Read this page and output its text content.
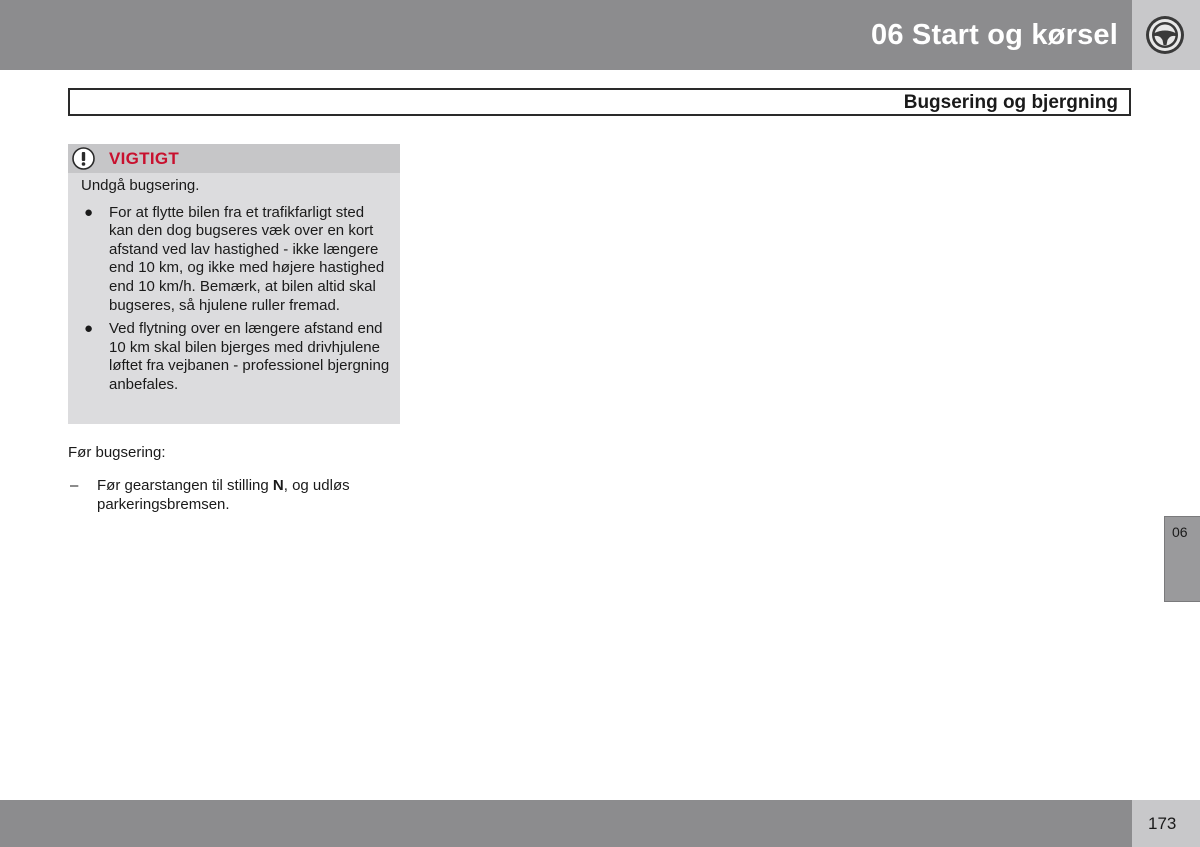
06 Start og kørsel
Bugsering og bjergning
VIGTIGT

Undgå bugsering.

● For at flytte bilen fra et trafikfarligt sted kan den dog bugseres væk over en kort afstand ved lav hastighed - ikke længere end 10 km, og ikke med højere hastighed end 10 km/h. Bemærk, at bilen altid skal bugseres, så hjulene ruller fremad.
● Ved flytning over en længere afstand end 10 km skal bilen bjerges med drivhjulene løftet fra vejbanen - professionel bjergning anbefales.

Før bugsering:

– Før gearstangen til stilling N, og udløs parkeringsbremsen.

06
173
